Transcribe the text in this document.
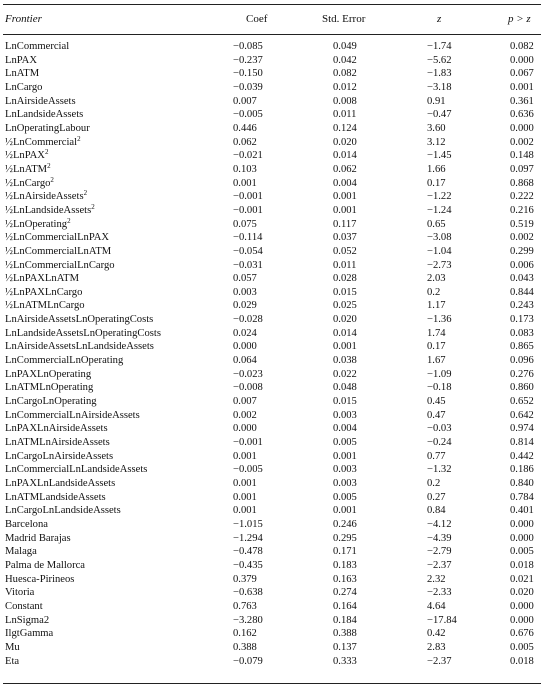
Frontier	Coef	Std. Error	z	p > z
LnCommercial	−0.085	0.049	−1.74	0.082
LnPAX	−0.237	0.042	−5.62	0.000
LnATM	−0.150	0.082	−1.83	0.067
LnCargo	−0.039	0.012	−3.18	0.001
LnAirsideAssets	0.007	0.008	0.91	0.361
LnLandsideAssets	−0.005	0.011	−0.47	0.636
LnOperatingLabour	0.446	0.124	3.60	0.000
½LnCommercial$^2$	0.062	0.020	3.12	0.002
½LnPAX$^2$	−0.021	0.014	−1.45	0.148
½LnATM$^2$	0.103	0.062	1.66	0.097
½LnCargo$^2$	0.001	0.004	0.17	0.868
½LnAirsideAssets$^2$	−0.001	0.001	−1.22	0.222
½LnLandsideAssets$^2$	−0.001	0.001	−1.24	0.216
½LnOperating$^2$	0.075	0.117	0.65	0.519
½LnCommercialLnPAX	−0.114	0.037	−3.08	0.002
½LnCommercialLnATM	−0.054	0.052	−1.04	0.299
½LnCommercialLnCargo	−0.031	0.011	−2.73	0.006
½LnPAXLnATM	0.057	0.028	2.03	0.043
½LnPAXLnCargo	0.003	0.015	0.2	0.844
½LnATMLnCargo	0.029	0.025	1.17	0.243
LnAirsideAssetsLnOperatingCosts	−0.028	0.020	−1.36	0.173
LnLandsideAssetsLnOperatingCosts	0.024	0.014	1.74	0.083
LnAirsideAssetsLnLandsideAssets	0.000	0.001	0.17	0.865
LnCommercialLnOperating	0.064	0.038	1.67	0.096
LnPAXLnOperating	−0.023	0.022	−1.09	0.276
LnATMLnOperating	−0.008	0.048	−0.18	0.860
LnCargoLnOperating	0.007	0.015	0.45	0.652
LnCommercialLnAirsideAssets	0.002	0.003	0.47	0.642
LnPAXLnAirsideAssets	0.000	0.004	−0.03	0.974
LnATMLnAirsideAssets	−0.001	0.005	−0.24	0.814
LnCargoLnAirsideAssets	0.001	0.001	0.77	0.442
LnCommercialLnLandsideAssets	−0.005	0.003	−1.32	0.186
LnPAXLnLandsideAssets	0.001	0.003	0.2	0.840
LnATMLandsideAssets	0.001	0.005	0.27	0.784
LnCargoLnLandsideAssets	0.001	0.001	0.84	0.401
Barcelona	−1.015	0.246	−4.12	0.000
Madrid Barajas	−1.294	0.295	−4.39	0.000
Malaga	−0.478	0.171	−2.79	0.005
Palma de Mallorca	−0.435	0.183	−2.37	0.018
Huesca-Pirineos	0.379	0.163	2.32	0.021
Vitoria	−0.638	0.274	−2.33	0.020
Constant	0.763	0.164	4.64	0.000
LnSigma2	−3.280	0.184	−17.84	0.000
IlgtGamma	0.162	0.388	0.42	0.676
Mu	0.388	0.137	2.83	0.005
Eta	−0.079	0.333	−2.37	0.018
